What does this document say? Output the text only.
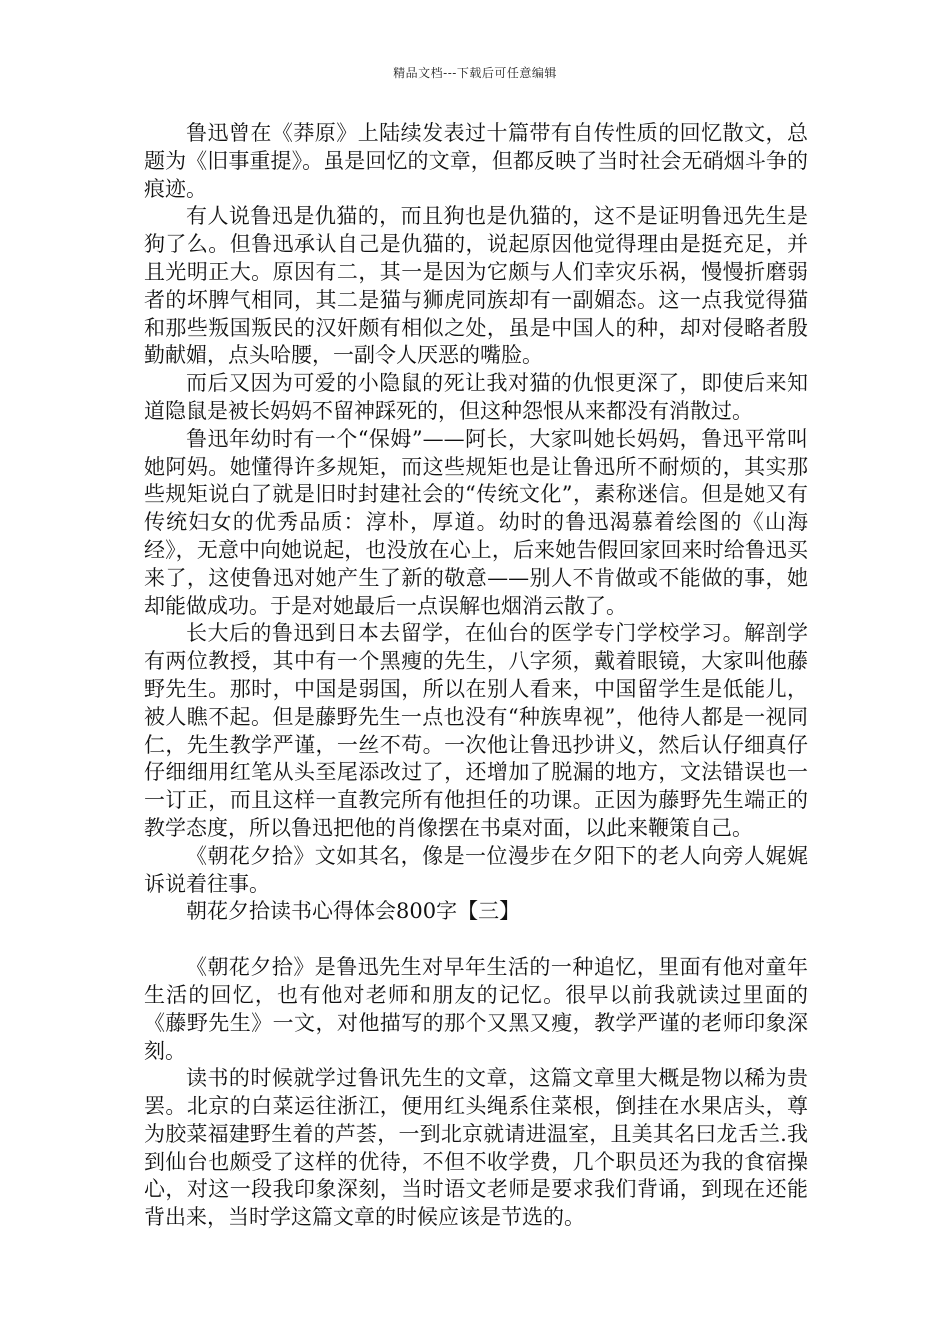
精品文档---下载后可任意编辑

鲁迅曾在《莽原》上陆续发表过十篇带有自传性质的回忆散文，总题为《旧事重提》。虽是回忆的文章，但都反映了当时社会无硝烟斗争的痕迹。

有人说鲁迅是仇猫的，而且狗也是仇猫的，这不是证明鲁迅先生是狗了么。但鲁迅承认自己是仇猫的，说起原因他觉得理由是挺充足，并且光明正大。原因有二，其一是因为它颇与人们幸灾乐祸，慢慢折磨弱者的坏脾气相同，其二是猫与狮虎同族却有一副媚态。这一点我觉得猫和那些叛国叛民的汉奸颇有相似之处，虽是中国人的种，却对侵略者殷勤献媚，点头哈腰，一副令人厌恶的嘴脸。

而后又因为可爱的小隐鼠的死让我对猫的仇恨更深了，即使后来知道隐鼠是被长妈妈不留神踩死的，但这种怨恨从来都没有消散过。

鲁迅年幼时有一个“保姆”——阿长，大家叫她长妈妈，鲁迅平常叫她阿妈。她懂得许多规矩，而这些规矩也是让鲁迅所不耐烦的，其实那些规矩说白了就是旧时封建社会的“传统文化”，素称迷信。但是她又有传统妇女的优秀品质：淳朴，厚道。幼时的鲁迅渴慕着绘图的《山海经》，无意中向她说起，也没放在心上，后来她告假回家回来时给鲁迅买来了，这使鲁迅对她产生了新的敬意——别人不肯做或不能做的事，她却能做成功。于是对她最后一点误解也烟消云散了。

长大后的鲁迅到日本去留学，在仙台的医学专门学校学习。解剖学有两位教授，其中有一个黑瘦的先生，八字须，戴着眼镜，大家叫他藤野先生。那时，中国是弱国，所以在别人看来，中国留学生是低能儿，被人瞧不起。但是藤野先生一点也没有“种族卑视”，他待人都是一视同仁，先生教学严谨，一丝不苟。一次他让鲁迅抄讲义，然后认仔细真仔仔细细用红笔从头至尾添改过了，还增加了脱漏的地方，文法错误也一一订正，而且这样一直教完所有他担任的功课。正因为藤野先生端正的教学态度，所以鲁迅把他的肖像摆在书桌对面，以此来鞭策自己。

《朝花夕拾》文如其名，像是一位漫步在夕阳下的老人向旁人娓娓诉说着往事。

朝花夕拾读书心得体会800字【三】

《朝花夕拾》是鲁迅先生对早年生活的一种追忆，里面有他对童年生活的回忆，也有他对老师和朋友的记忆。很早以前我就读过里面的《藤野先生》一文，对他描写的那个又黑又瘦，教学严谨的老师印象深刻。

读书的时候就学过鲁讯先生的文章，这篇文章里大概是物以稀为贵罢。北京的白菜运往浙江，便用红头绳系住菜根，倒挂在水果店头，尊为胶菜福建野生着的芦荟，一到北京就请进温室，且美其名曰龙舌兰.我到仙台也颇受了这样的优待，不但不收学费，几个职员还为我的食宿操心，对这一段我印象深刻，当时语文老师是要求我们背诵，到现在还能背出来，当时学这篇文章的时候应该是节选的。
